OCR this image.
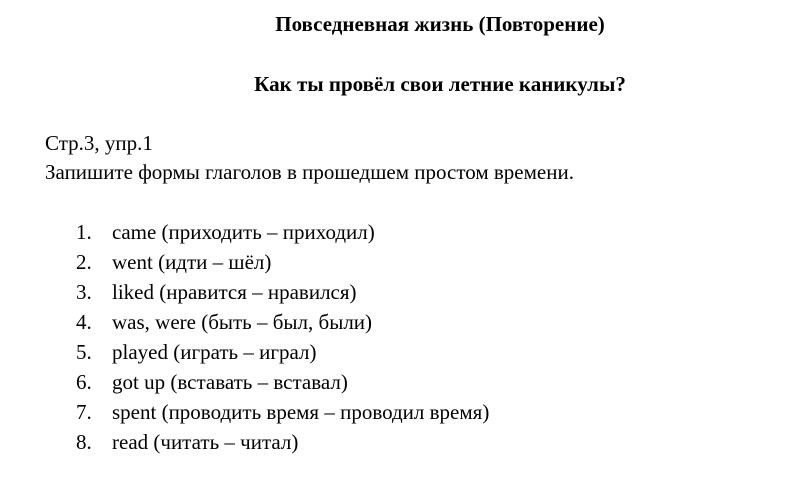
Повседневная жизнь (Повторение)
Как ты провёл свои летние каникулы?
Стр.3, упр.1
Запишите формы глаголов в прошедшем простом времени.
1. came (приходить – приходил)
2. went (идти – шёл)
3. liked (нравится – нравился)
4. was, were (быть – был, были)
5. played (играть – играл)
6. got up (вставать – вставал)
7. spent (проводить время – проводил время)
8. read (читать – читал)
